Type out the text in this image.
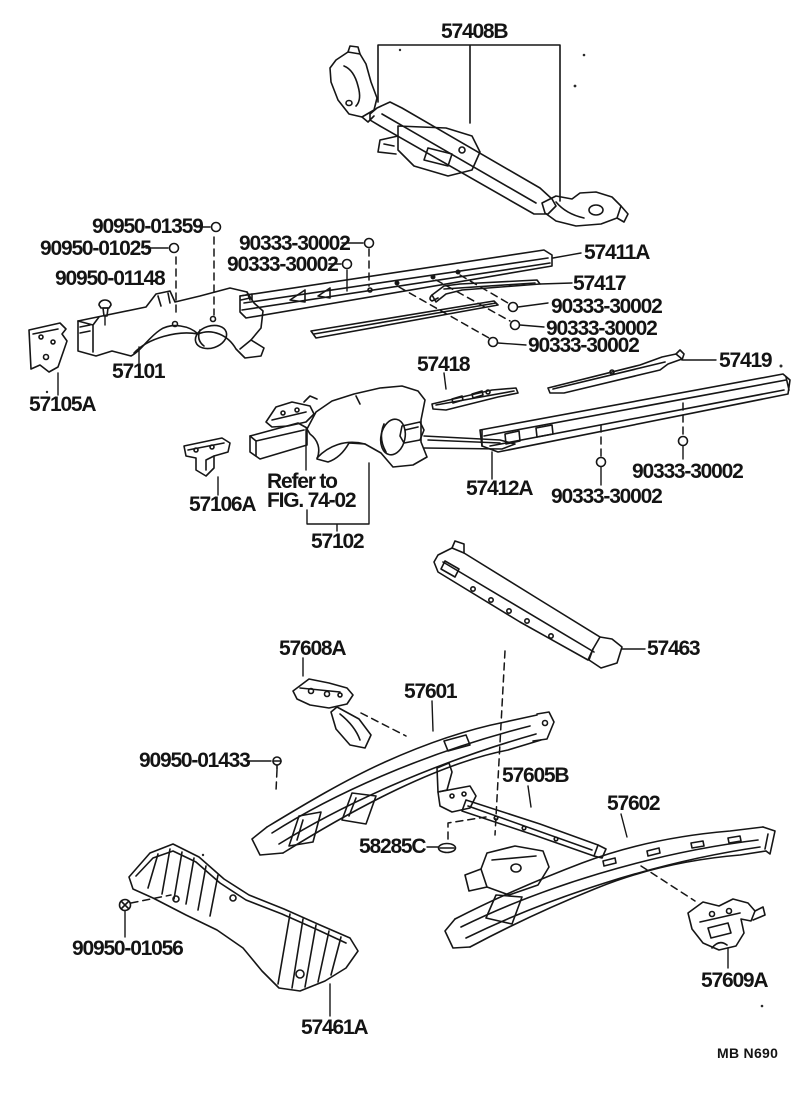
57408B
90950-01359
90950-01025	90333-30002
90333-30002
90950-01148
57411A
57417
90333-30002
90333-30002
90333-30002
57419
57418
57101
57105A
57106A
Refer to
FIG. 74-02
57102
57412A 90333-30002
90333-30002
57463
57608A
57601
90950-01433
57605B
57602
58285C
90950-01056
57461A
57609A
MB N690
